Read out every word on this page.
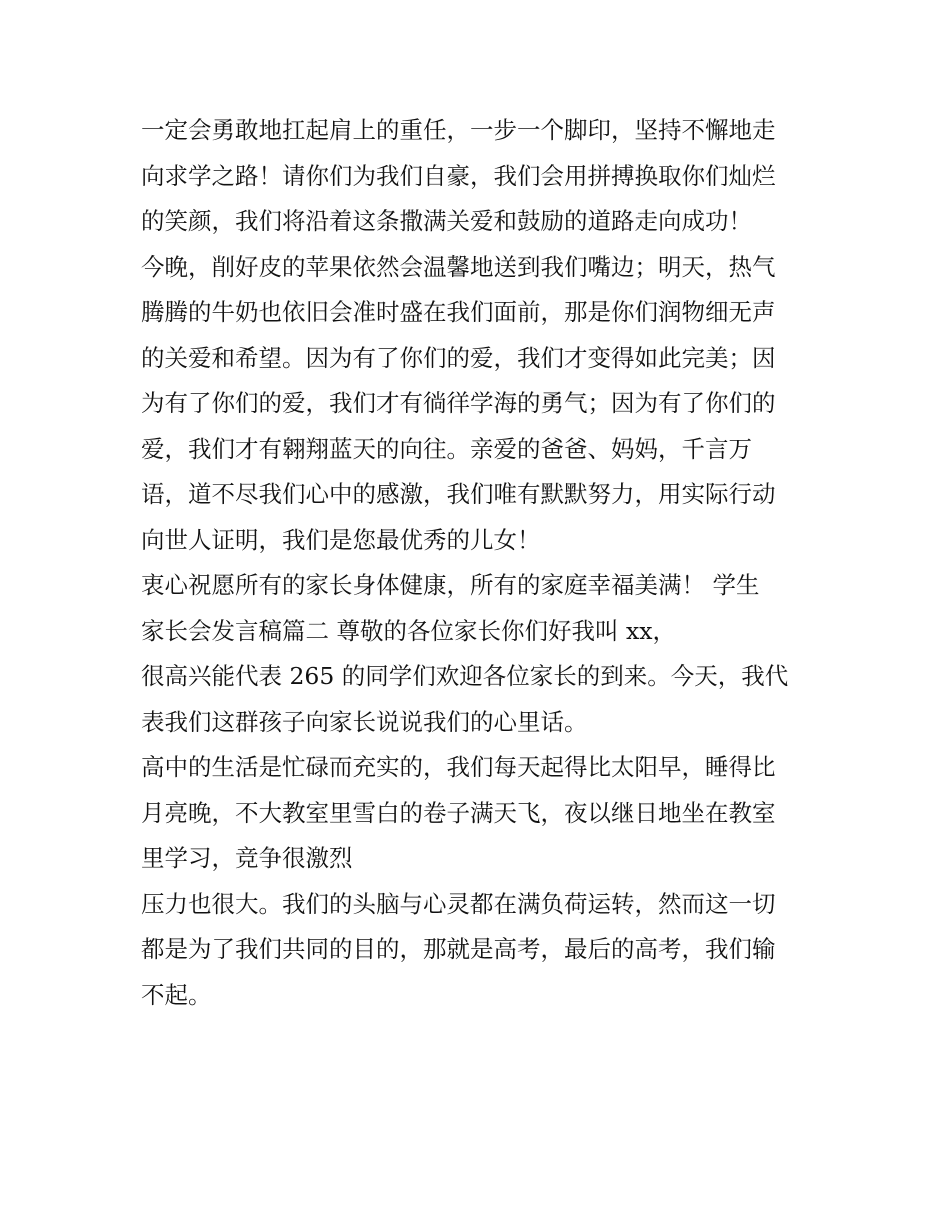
一定会勇敢地扛起肩上的重任，一步一个脚印，坚持不懈地走
向求学之路！请你们为我们自豪，我们会用拼搏换取你们灿烂
的笑颜，我们将沿着这条撒满关爱和鼓励的道路走向成功！
今晚，削好皮的苹果依然会温馨地送到我们嘴边；明天，热气
腾腾的牛奶也依旧会准时盛在我们面前，那是你们润物细无声
的关爱和希望。因为有了你们的爱，我们才变得如此完美；因
为有了你们的爱，我们才有徜徉学海的勇气；因为有了你们的
爱，我们才有翱翔蓝天的向往。亲爱的爸爸、妈妈，千言万
语，道不尽我们心中的感激，我们唯有默默努力，用实际行动
向世人证明，我们是您最优秀的儿女！
衷心祝愿所有的家长身体健康，所有的家庭幸福美满！ 学生
家长会发言稿篇二 尊敬的各位家长你们好我叫 xx，
很高兴能代表 265 的同学们欢迎各位家长的到来。今天，我代
表我们这群孩子向家长说说我们的心里话。
高中的生活是忙碌而充实的，我们每天起得比太阳早，睡得比
月亮晚，不大教室里雪白的卷子满天飞，夜以继日地坐在教室
里学习，竞争很激烈
压力也很大。我们的头脑与心灵都在满负荷运转，然而这一切
都是为了我们共同的目的，那就是高考，最后的高考，我们输
不起。
